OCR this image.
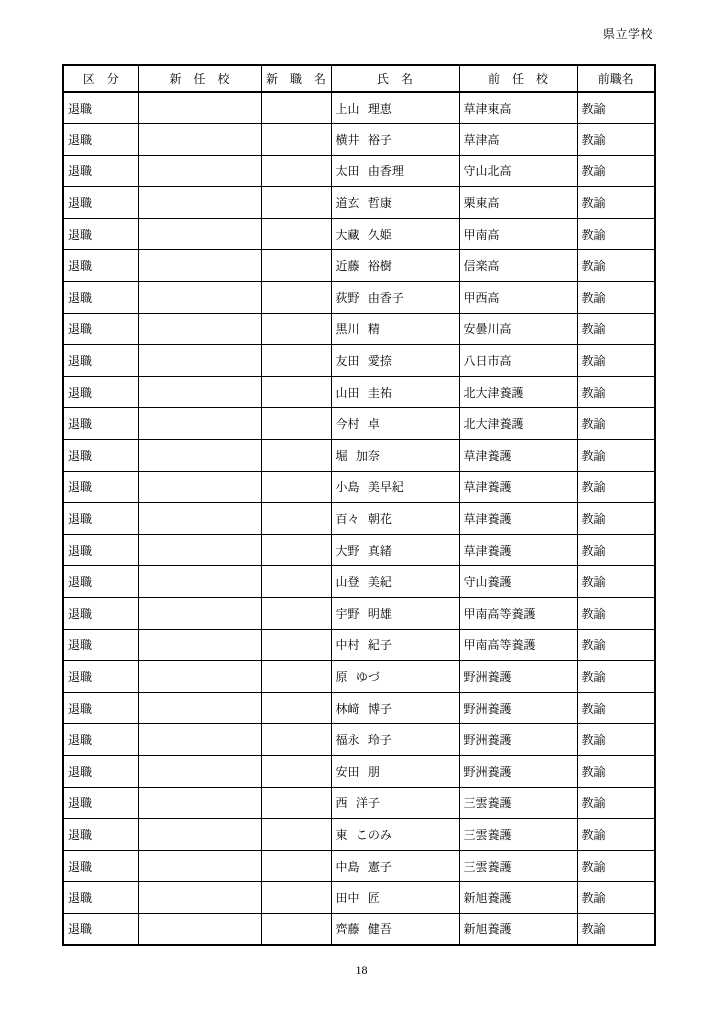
県立学校
区　分	新　任　校	新　職　名	氏　名	前　任　校	前職名
退職			上山 理恵	草津東高	教諭
退職			横井 裕子	草津高	教諭
退職			太田 由香理	守山北高	教諭
退職			道玄 哲康	栗東高	教諭
退職			大藏 久姫	甲南高	教諭
退職			近藤 裕樹	信楽高	教諭
退職			荻野 由香子	甲西高	教諭
退職			黒川 精	安曇川高	教諭
退職			友田 愛捺	八日市高	教諭
退職			山田 圭祐	北大津養護	教諭
退職			今村 卓	北大津養護	教諭
退職			堀 加奈	草津養護	教諭
退職			小島 美早紀	草津養護	教諭
退職			百々 朝花	草津養護	教諭
退職			大野 真緒	草津養護	教諭
退職			山登 美紀	守山養護	教諭
退職			宇野 明雄	甲南高等養護	教諭
退職			中村 紀子	甲南高等養護	教諭
退職			原 ゆづ	野洲養護	教諭
退職			林﨑 博子	野洲養護	教諭
退職			福永 玲子	野洲養護	教諭
退職			安田 朋	野洲養護	教諭
退職			西 洋子	三雲養護	教諭
退職			東 このみ	三雲養護	教諭
退職			中島 憲子	三雲養護	教諭
退職			田中 匠	新旭養護	教諭
退職			齊藤 健吾	新旭養護	教諭
18
